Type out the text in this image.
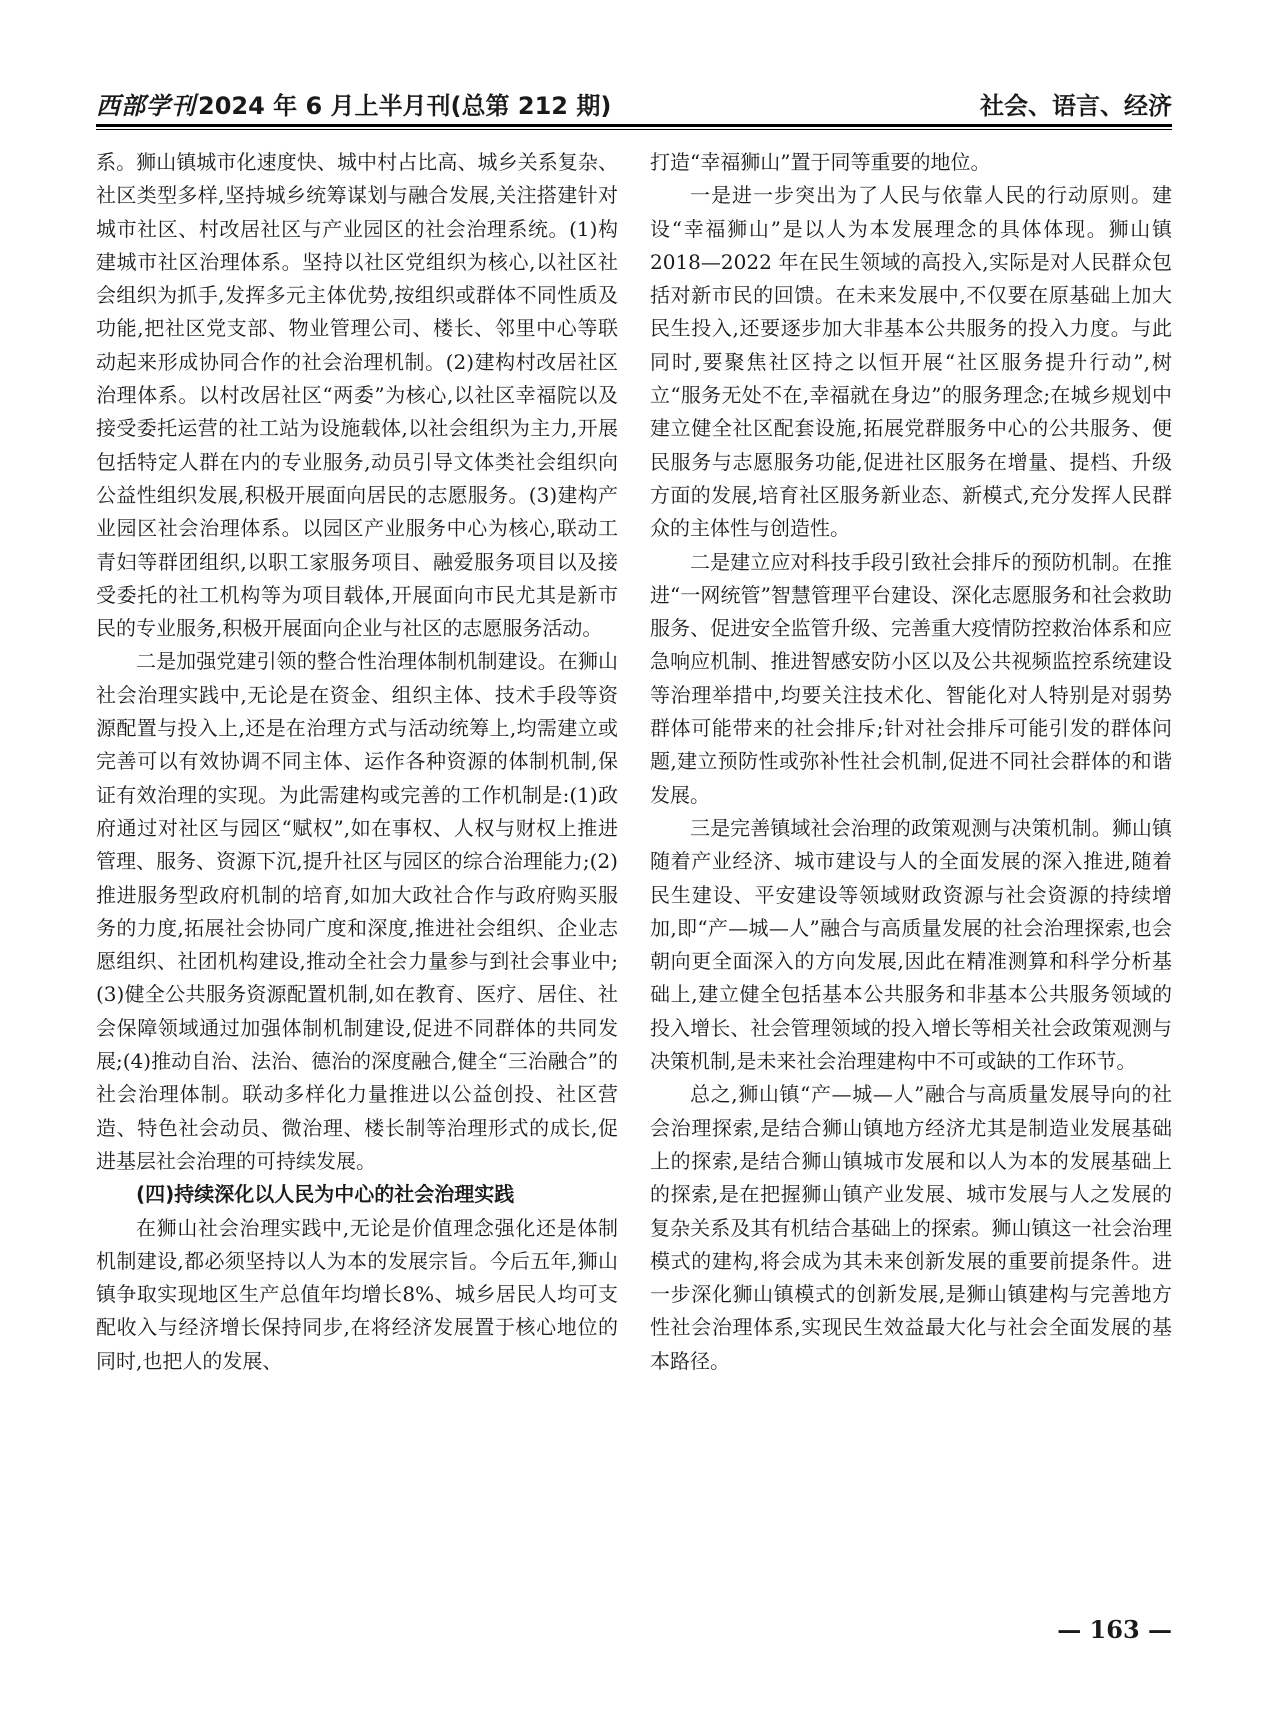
西部学刊2024 年 6 月上半月刊(总第 212 期)	社会、语言、经济

系。狮山镇城市化速度快、城中村占比高、城乡关系复杂、社区类型多样,坚持城乡统筹谋划与融合发展,关注搭建针对城市社区、村改居社区与产业园区的社会治理系统。(1)构建城市社区治理体系。坚持以社区党组织为核心,以社区社会组织为抓手,发挥多元主体优势,按组织或群体不同性质及功能,把社区党支部、物业管理公司、楼长、邻里中心等联动起来形成协同合作的社会治理机制。(2)建构村改居社区治理体系。以村改居社区“两委”为核心,以社区幸福院以及接受委托运营的社工站为设施载体,以社会组织为主力,开展包括特定人群在内的专业服务,动员引导文体类社会组织向公益性组织发展,积极开展面向居民的志愿服务。(3)建构产业园区社会治理体系。以园区产业服务中心为核心,联动工青妇等群团组织,以职工家服务项目、融爱服务项目以及接受委托的社工机构等为项目载体,开展面向市民尤其是新市民的专业服务,积极开展面向企业与社区的志愿服务活动。

二是加强党建引领的整合性治理体制机制建设。在狮山社会治理实践中,无论是在资金、组织主体、技术手段等资源配置与投入上,还是在治理方式与活动统筹上,均需建立或完善可以有效协调不同主体、运作各种资源的体制机制,保证有效治理的实现。为此需建构或完善的工作机制是:(1)政府通过对社区与园区“赋权”,如在事权、人权与财权上推进管理、服务、资源下沉,提升社区与园区的综合治理能力;(2)推进服务型政府机制的培育,如加大政社合作与政府购买服务的力度,拓展社会协同广度和深度,推进社会组织、企业志愿组织、社团机构建设,推动全社会力量参与到社会事业中;(3)健全公共服务资源配置机制,如在教育、医疗、居住、社会保障领域通过加强体制机制建设,促进不同群体的共同发展;(4)推动自治、法治、德治的深度融合,健全“三治融合”的社会治理体制。联动多样化力量推进以公益创投、社区营造、特色社会动员、微治理、楼长制等治理形式的成长,促进基层社会治理的可持续发展。

(四)持续深化以人民为中心的社会治理实践

在狮山社会治理实践中,无论是价值理念强化还是体制机制建设,都必须坚持以人为本的发展宗旨。今后五年,狮山镇争取实现地区生产总值年均增长8%、城乡居民人均可支配收入与经济增长保持同步,在将经济发展置于核心地位的同时,也把人的发展、

打造“幸福狮山”置于同等重要的地位。

一是进一步突出为了人民与依靠人民的行动原则。建设“幸福狮山”是以人为本发展理念的具体体现。狮山镇 2018—2022 年在民生领域的高投入,实际是对人民群众包括对新市民的回馈。在未来发展中,不仅要在原基础上加大民生投入,还要逐步加大非基本公共服务的投入力度。与此同时,要聚焦社区持之以恒开展“社区服务提升行动”,树立“服务无处不在,幸福就在身边”的服务理念;在城乡规划中建立健全社区配套设施,拓展党群服务中心的公共服务、便民服务与志愿服务功能,促进社区服务在增量、提档、升级方面的发展,培育社区服务新业态、新模式,充分发挥人民群众的主体性与创造性。

二是建立应对科技手段引致社会排斥的预防机制。在推进“一网统管”智慧管理平台建设、深化志愿服务和社会救助服务、促进安全监管升级、完善重大疫情防控救治体系和应急响应机制、推进智感安防小区以及公共视频监控系统建设等治理举措中,均要关注技术化、智能化对人特别是对弱势群体可能带来的社会排斥;针对社会排斥可能引发的群体问题,建立预防性或弥补性社会机制,促进不同社会群体的和谐发展。

三是完善镇域社会治理的政策观测与决策机制。狮山镇随着产业经济、城市建设与人的全面发展的深入推进,随着民生建设、平安建设等领域财政资源与社会资源的持续增加,即“产—城—人”融合与高质量发展的社会治理探索,也会朝向更全面深入的方向发展,因此在精准测算和科学分析基础上,建立健全包括基本公共服务和非基本公共服务领域的投入增长、社会管理领域的投入增长等相关社会政策观测与决策机制,是未来社会治理建构中不可或缺的工作环节。

总之,狮山镇“产—城—人”融合与高质量发展导向的社会治理探索,是结合狮山镇地方经济尤其是制造业发展基础上的探索,是结合狮山镇城市发展和以人为本的发展基础上的探索,是在把握狮山镇产业发展、城市发展与人之发展的复杂关系及其有机结合基础上的探索。狮山镇这一社会治理模式的建构,将会成为其未来创新发展的重要前提条件。进一步深化狮山镇模式的创新发展,是狮山镇建构与完善地方性社会治理体系,实现民生效益最大化与社会全面发展的基本路径。

— 163 —
